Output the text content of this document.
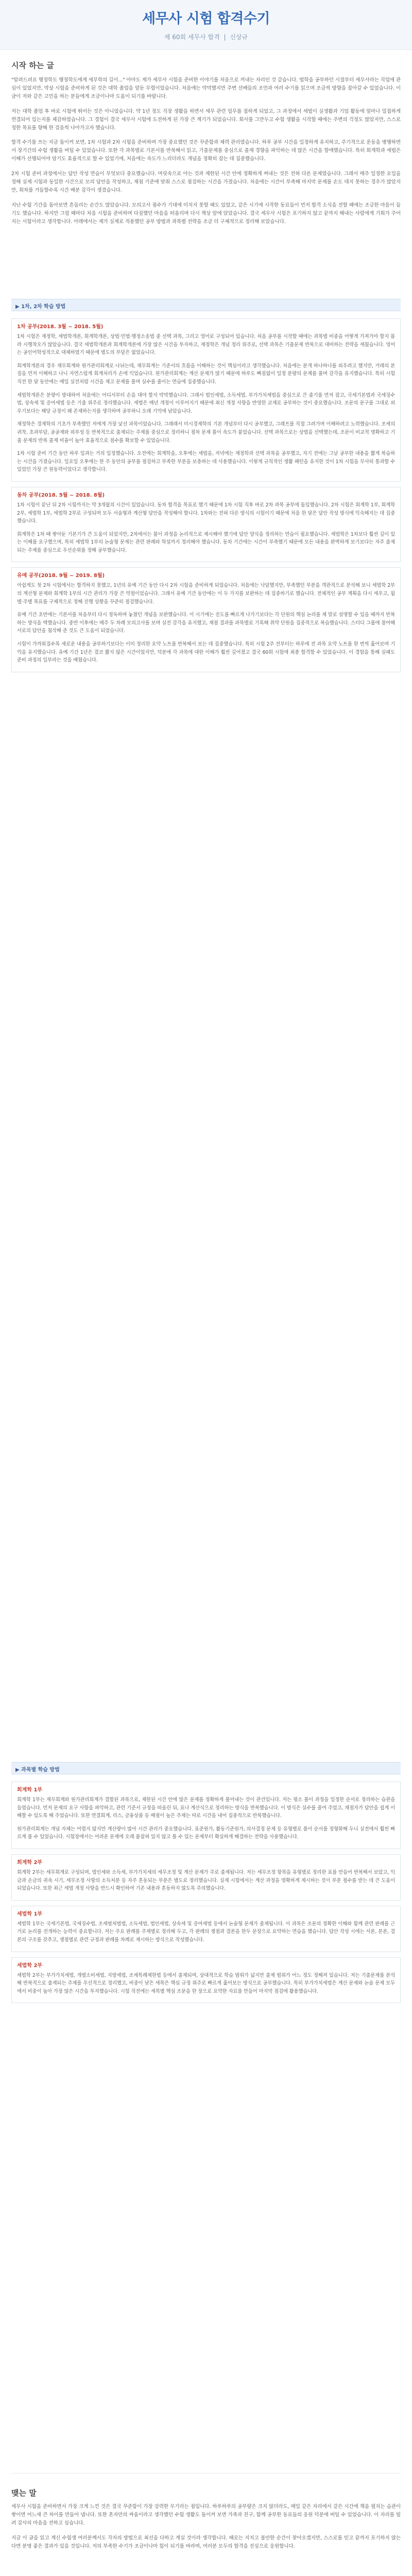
세무사 시험 합격수기
제 60회 세무사 합격 | 신상규
시작 하는 글

"알려드려요 행정학도 행정학도에게 세무학의 길이..." 아마도 제가 세무사 시험을 준비한 이야기를 처음으로 꺼내는 자리인 것 같습니다. 법학을 공부하던 시절부터 세무사라는 직업에 관심이 있었지만, 막상 시험을 준비하게 된 것은 대학 졸업을 앞둔 무렵이었습니다. 처음에는 막막했지만 주변 선배들의 조언과 여러 수기를 읽으며 조금씩 방향을 잡아갈 수 있었습니다. 이 글이 저와 같은 고민을 하는 분들에게 조금이나마 도움이 되기를 바랍니다.

저는 대학 졸업 후 바로 시험에 뛰어든 것은 아니었습니다. 약 1년 정도 직장 생활을 하면서 세무 관련 업무를 접하게 되었고, 그 과정에서 세법이 실생활과 기업 활동에 얼마나 밀접하게 연결되어 있는지를 체감하였습니다. 그 경험이 결국 세무사 시험에 도전하게 된 가장 큰 계기가 되었습니다. 회사를 그만두고 수험 생활을 시작할 때에는 주변의 걱정도 많았지만, 스스로 정한 목표를 향해 한 걸음씩 나아가고자 했습니다.

합격 수기를 쓰는 지금 돌이켜 보면, 1차 시험과 2차 시험을 준비하며 가장 중요했던 것은 꾸준함과 체력 관리였습니다. 하루 공부 시간을 일정하게 유지하고, 주기적으로 운동을 병행하면서 장기간의 수험 생활을 버틸 수 있었습니다. 또한 각 과목별로 기본서를 반복해서 읽고, 기출문제를 중심으로 출제 경향을 파악하는 데 많은 시간을 할애했습니다. 특히 회계학과 세법은 이해가 선행되어야 암기도 효율적으로 할 수 있었기에, 처음에는 속도가 느리더라도 개념을 정확히 잡는 데 집중했습니다.

2차 시험 준비 과정에서는 답안 작성 연습이 무엇보다 중요했습니다. 머릿속으로 아는 것과 제한된 시간 안에 정확하게 써내는 것은 전혀 다른 문제였습니다. 그래서 매주 일정한 요일을 정해 실제 시험과 동일한 시간으로 모의 답안을 작성하고, 채점 기준에 맞춰 스스로 점검하는 시간을 가졌습니다. 처음에는 시간이 부족해 마지막 문제를 손도 대지 못하는 경우가 많았지만, 회차를 거듭할수록 시간 배분 감각이 생겼습니다.

지난 수험 기간을 돌아보면 흔들리는 순간도 많았습니다. 모의고사 점수가 기대에 미치지 못할 때도 있었고, 같은 시기에 시작한 동료들이 먼저 합격 소식을 전할 때에는 조급한 마음이 들기도 했습니다. 하지만 그럴 때마다 처음 시험을 준비하며 다짐했던 마음을 떠올리며 다시 책상 앞에 앉았습니다. 결국 세무사 시험은 포기하지 않고 끝까지 해내는 사람에게 기회가 주어지는 시험이라고 생각합니다. 아래에서는 제가 실제로 적용했던 공부 방법과 과목별 전략을 조금 더 구체적으로 정리해 보았습니다.

▶ 1차, 2차 학습 방법
1차 공부(2018. 3월 ~ 2018. 5월)

1차 시험은 재정학, 세법학개론, 회계학개론, 상법·민법·행정소송법 중 선택 과목, 그리고 영어로 구성되어 있습니다. 처음 공부를 시작할 때에는 과목별 비중을 어떻게 가져가야 할지 몰라 시행착오가 많았습니다. 결국 세법학개론과 회계학개론에 가장 많은 시간을 투자하고, 재정학은 개념 정리 위주로, 선택 과목은 기출문제 반복으로 대비하는 전략을 세웠습니다. 영어는 공인어학성적으로 대체하였기 때문에 별도의 부담은 없었습니다.

회계학개론의 경우 재무회계와 원가관리회계로 나뉘는데, 재무회계는 기준서의 흐름을 이해하는 것이 핵심이라고 생각했습니다. 처음에는 분개 하나하나를 외우려고 했지만, 거래의 본질을 먼저 이해하고 나니 자연스럽게 회계처리가 손에 익었습니다. 원가관리회계는 계산 문제가 많기 때문에 하루도 빠짐없이 일정 분량의 문제를 풀며 감각을 유지했습니다. 특히 시험 직전 한 달 동안에는 매일 실전처럼 시간을 재고 문제를 풀며 실수를 줄이는 연습에 집중했습니다.

세법학개론은 분량이 방대하여 처음에는 어디서부터 손을 대야 할지 막막했습니다. 그래서 법인세법, 소득세법, 부가가치세법을 중심으로 큰 줄기를 먼저 잡고, 국세기본법과 국세징수법, 상속세 및 증여세법 등은 기출 위주로 정리했습니다. 세법은 매년 개정이 이루어지기 때문에 최신 개정 사항을 반영한 교재로 공부하는 것이 중요했습니다. 조문의 문구를 그대로 외우기보다는 해당 규정이 왜 존재하는지를 생각하며 공부하니 오래 기억에 남았습니다.

재정학은 경제학의 기초가 부족했던 저에게 가장 낯선 과목이었습니다. 그래래서 미시경제학의 기본 개념부터 다시 공부했고, 그래프를 직접 그려가며 이해하려고 노력했습니다. 조세의 귀착, 초과부담, 공공재와 외부성 등 반복적으로 출제되는 주제를 중심으로 정리하니 점차 문제 풀이 속도가 붙었습니다. 선택 과목으로는 상법을 선택했는데, 조문이 비교적 명확하고 기출 문제의 반복 출제 비율이 높아 효율적으로 점수를 확보할 수 있었습니다.

1차 시험 준비 기간 동안 하루 일과는 거의 일정했습니다. 오전에는 회계학을, 오후에는 세법을, 저녁에는 재정학과 선택 과목을 공부했고, 자기 전에는 그날 공부한 내용을 짧게 복습하는 시간을 가졌습니다. 일요일 오후에는 한 주 동안의 공부를 점검하고 부족한 부분을 보충하는 데 사용했습니다. 이렇게 규칙적인 생활 패턴을 유지한 것이 1차 시험을 무사히 통과할 수 있었던 가장 큰 원동력이었다고 생각합니다.

동차 공부(2018. 5월 ~ 2018. 8월)

1차 시험이 끝난 뒤 2차 시험까지는 약 3개월의 시간이 있었습니다. 동차 합격을 목표로 했기 때문에 1차 시험 직후 바로 2차 과목 공부에 돌입했습니다. 2차 시험은 회계학 1부, 회계학 2부, 세법학 1부, 세법학 2부로 구성되며 모두 서술형과 계산형 답안을 작성해야 합니다. 1차와는 전혀 다른 방식의 시험이기 때문에 처음 한 달은 답안 작성 방식에 익숙해지는 데 집중했습니다.

회계학은 1차 때 쌓아둔 기본기가 큰 도움이 되었지만, 2차에서는 풀이 과정을 논리적으로 제시해야 했기에 답안 양식을 정리하는 연습이 필요했습니다. 세법학은 1차보다 훨씬 깊이 있는 이해를 요구했으며, 특히 세법학 1부의 논술형 문제는 관련 판례와 학설까지 정리해야 했습니다. 동차 기간에는 시간이 부족했기 때문에 모든 내용을 완벽하게 보기보다는 자주 출제되는 주제를 중심으로 우선순위를 정해 공부했습니다.

유예 공부(2018. 9월 ~ 2019. 8월)

아쉽게도 첫 2차 시험에서는 합격하지 못했고, 1년의 유예 기간 동안 다시 2차 시험을 준비하게 되었습니다. 처음에는 낙담했지만, 부족했던 부분을 객관적으로 분석해 보니 세법학 2부의 계산형 문제와 회계학 1부의 시간 관리가 가장 큰 약점이었습니다. 그래서 유예 기간 동안에는 이 두 가지를 보완하는 데 집중하기로 했습니다. 전체적인 공부 계획을 다시 세우고, 월별·주별 목표를 구체적으로 정해 진행 상황을 꾸준히 점검했습니다.

유예 기간 초반에는 기본서를 처음부터 다시 정독하며 놓쳤던 개념을 보완했습니다. 이 시기에는 진도를 빠르게 나가기보다는 각 단원의 핵심 논리를 제 말로 설명할 수 있을 때까지 반복하는 방식을 택했습니다. 중반 이후에는 매주 두 차례 모의고사를 보며 실전 감각을 유지했고, 채점 결과를 과목별로 기록해 취약 단원을 집중적으로 복습했습니다. 스터디 그룹에 참여해 서로의 답안을 첨삭해 준 것도 큰 도움이 되었습니다.

시험이 가까워질수록 새로운 내용을 공부하기보다는 이미 정리한 요약 노트를 반복해서 보는 데 집중했습니다. 특히 시험 2주 전부터는 하루에 전 과목 요약 노트를 한 번씩 훑어보며 기억을 유지했습니다. 유예 기간 1년은 결코 짧지 않은 시간이었지만, 덕분에 각 과목에 대한 이해가 훨씬 깊어졌고 결국 60회 시험에 최종 합격할 수 있었습니다. 이 경험을 통해 실패도 준비 과정의 일부라는 것을 배웠습니다.

▶ 과목별 학습 방법
회계학 1부

회계학 1부는 재무회계와 원가관리회계가 결합된 과목으로, 제한된 시간 안에 많은 문제를 정확하게 풀어내는 것이 관건입니다. 저는 평소 풀이 과정을 일정한 순서로 정리하는 습관을 들였습니다. 먼저 문제의 요구 사항을 파악하고, 관련 기준서 규정을 떠올린 뒤, 표나 계산식으로 정리하는 방식을 반복했습니다. 이 방식은 실수를 줄여 주었고, 채점자가 답안을 쉽게 이해할 수 있도록 해 주었습니다. 또한 연결회계, 리스, 금융상품 등 배점이 높은 주제는 따로 시간을 내어 집중적으로 반복했습니다.

원가관리회계는 개념 자체는 어렵지 않지만 계산량이 많아 시간 관리가 중요했습니다. 표준원가, 활동기준원가, 의사결정 문제 등 유형별로 풀이 순서를 정형화해 두니 실전에서 훨씬 빠르게 풀 수 있었습니다. 시험장에서는 어려운 문제에 오래 붙잡혀 있지 않고 풀 수 있는 문제부터 확실하게 해결하는 전략을 사용했습니다.

회계학 2부

회계학 2부는 세무회계로 구성되며, 법인세와 소득세, 부가가치세의 세무조정 및 계산 문제가 주로 출제됩니다. 저는 세무조정 항목을 유형별로 정리한 표를 만들어 반복해서 보았고, 익금과 손금의 귀속 시기, 세무조정 사항의 소득처분 등 자주 혼동되는 부분은 별도로 정리했습니다. 실제 시험에서는 계산 과정을 명확하게 제시하는 것이 부분 점수를 받는 데 큰 도움이 되었습니다. 또한 최근 세법 개정 사항을 반드시 확인하여 기존 내용과 혼동하지 않도록 주의했습니다.

세법학 1부

세법학 1부는 국세기본법, 국세징수법, 조세범처벌법, 소득세법, 법인세법, 상속세 및 증여세법 등에서 논술형 문제가 출제됩니다. 이 과목은 조문의 정확한 이해와 함께 관련 판례를 근거로 논리를 전개하는 능력이 중요합니다. 저는 주요 판례를 주제별로 정리해 두고, 각 판례의 쟁점과 결론을 한두 문장으로 요약하는 연습을 했습니다. 답안 작성 시에는 서론, 본론, 결론의 구조를 갖추고, 쟁점별로 관련 규정과 판례를 차례로 제시하는 방식으로 작성했습니다.

세법학 2부

세법학 2부는 부가가치세법, 개별소비세법, 지방세법, 조세특례제한법 등에서 출제되며, 상대적으로 학습 범위가 넓지만 출제 범위가 어느 정도 정해져 있습니다. 저는 기출문제를 분석해 반복적으로 출제되는 주제를 우선적으로 정리했고, 비중이 낮은 세목은 핵심 규정 위주로 빠르게 훑어보는 방식으로 공부했습니다. 특히 부가가치세법은 계산 문제와 논술 문제 모두에서 비중이 높아 가장 많은 시간을 투자했습니다. 시험 직전에는 세목별 핵심 조문을 한 장으로 요약한 자료를 만들어 마지막 점검에 활용했습니다.

맺는 말

세무사 시험을 준비하면서 가장 크게 느낀 것은 결국 꾸준함이 가장 강력한 무기라는 점입니다. 하루하루의 공부량은 크지 않더라도, 매일 같은 자리에서 같은 시간에 책을 펼치는 습관이 쌓이면 어느새 큰 차이를 만들어 냅니다. 또한 혼자만의 싸움이라고 생각했던 수험 생활도 돌이켜 보면 가족과 친구, 함께 공부한 동료들의 응원 덕분에 버틸 수 있었습니다. 이 자리를 빌려 감사의 마음을 전하고 싶습니다.

지금 이 글을 읽고 계신 수험생 여러분께서도 각자의 방법으로 최선을 다하고 계실 것이라 생각합니다. 때로는 지치고 불안한 순간이 찾아오겠지만, 스스로를 믿고 끝까지 포기하지 않는다면 분명 좋은 결과가 있을 것입니다. 저의 부족한 수기가 조금이나마 힘이 되기를 바라며, 여러분 모두의 합격을 진심으로 응원합니다.
